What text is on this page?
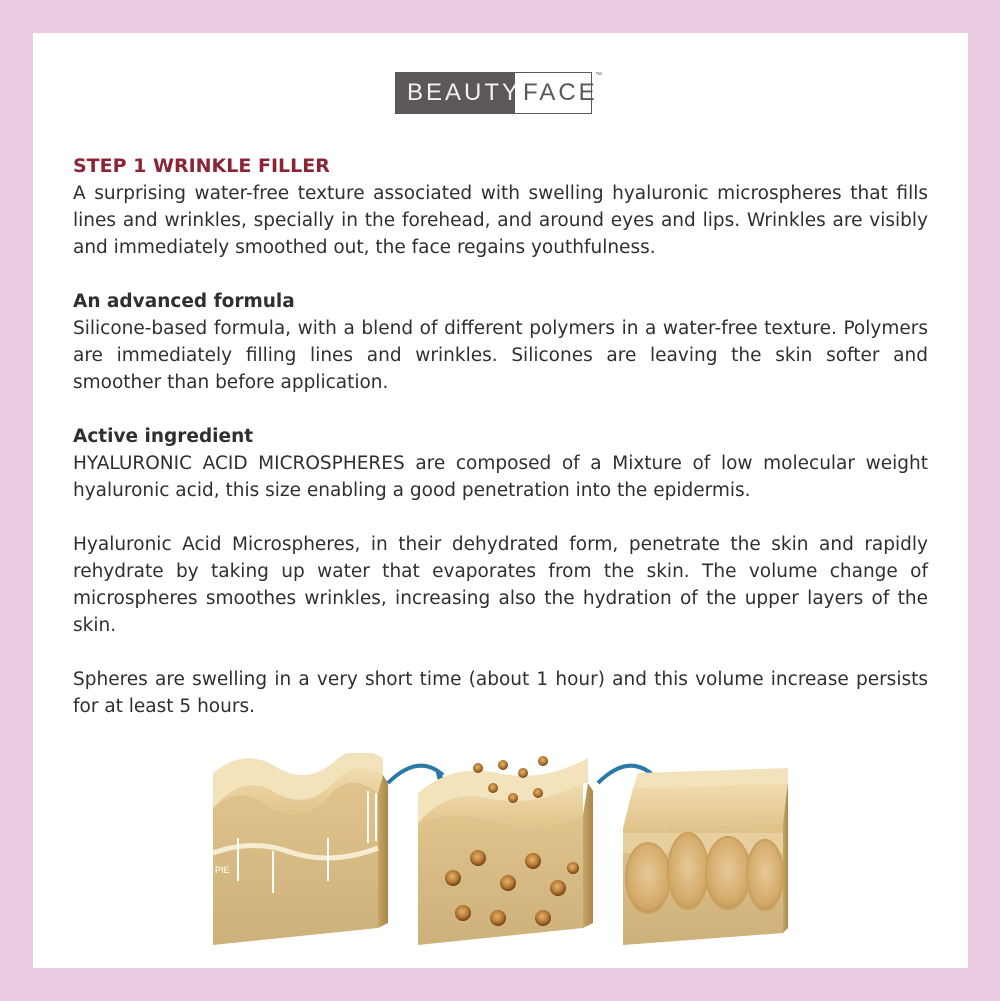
BEAUTY FACE
™

STEP 1 WRINKLE FILLER

A surprising water-free texture associated with swelling hyaluronic microspheres that fills lines and wrinkles, specially in the forehead, and around eyes and lips. Wrinkles are visibly and immediately smoothed out, the face regains youthfulness.

An advanced formula

Silicone-based formula, with a blend of different polymers in a water-free texture. Polymers are immediately filling lines and wrinkles. Silicones are leaving the skin softer and smoother than before application.

Active ingredient

HYALURONIC ACID MICROSPHERES are composed of a Mixture of low molecular weight hyaluronic acid, this size enabling a good penetration into the epidermis.

Hyaluronic Acid Microspheres, in their dehydrated form, penetrate the skin and rapidly rehydrate by taking up water that evaporates from the skin. The volume change of microspheres smoothes wrinkles, increasing also the hydration of the upper layers of the skin.

Spheres are swelling in a very short time (about 1 hour) and this volume increase persists for at least 5 hours.

PIE
